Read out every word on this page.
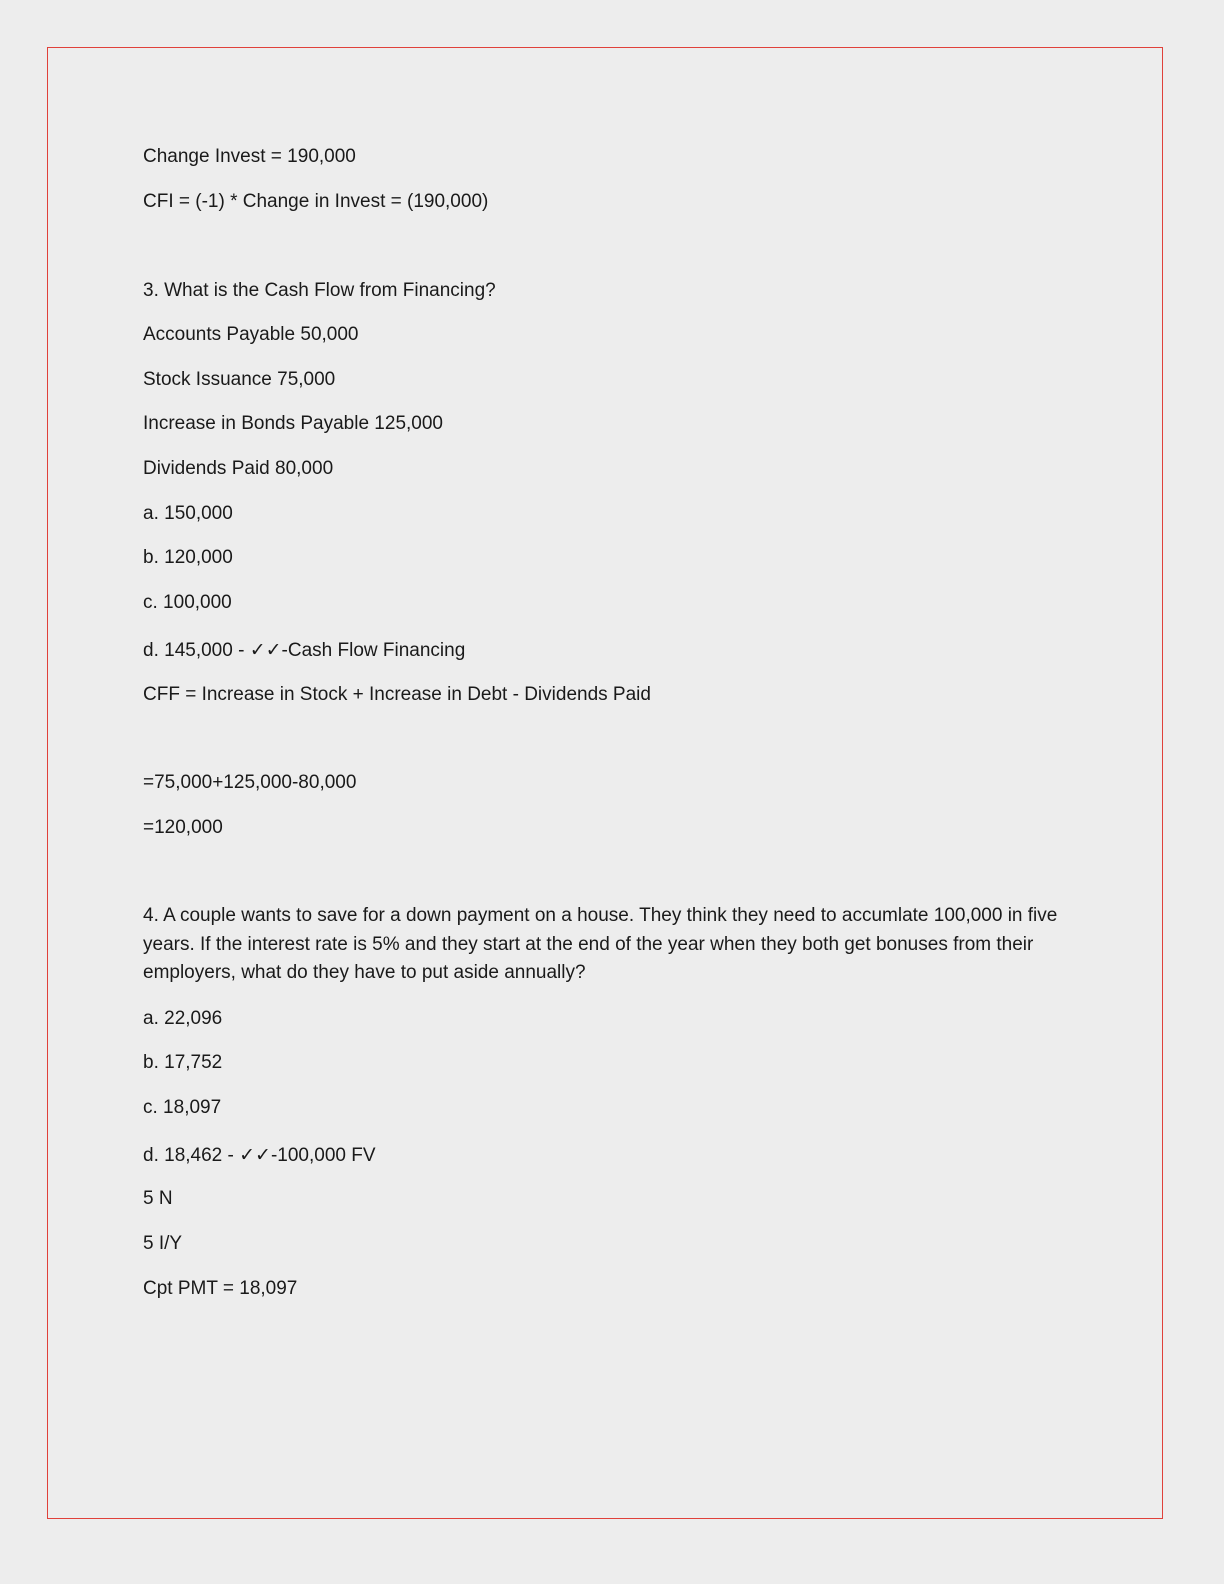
Change Invest = 190,000
CFI = (-1) * Change in Invest = (190,000)
3. What is the Cash Flow from Financing?
Accounts Payable 50,000
Stock Issuance 75,000
Increase in Bonds Payable 125,000
Dividends Paid 80,000
a. 150,000
b. 120,000
c. 100,000
d. 145,000 - ✓✓-Cash Flow Financing
CFF = Increase in Stock + Increase in Debt - Dividends Paid
=75,000+125,000-80,000
=120,000
4. A couple wants to save for a down payment on a house. They think they need to accumlate 100,000 in five years. If the interest rate is 5% and they start at the end of the year when they both get bonuses from their employers, what do they have to put aside annually?
a. 22,096
b. 17,752
c. 18,097
d. 18,462 - ✓✓-100,000 FV
5 N
5 I/Y
Cpt PMT = 18,097
